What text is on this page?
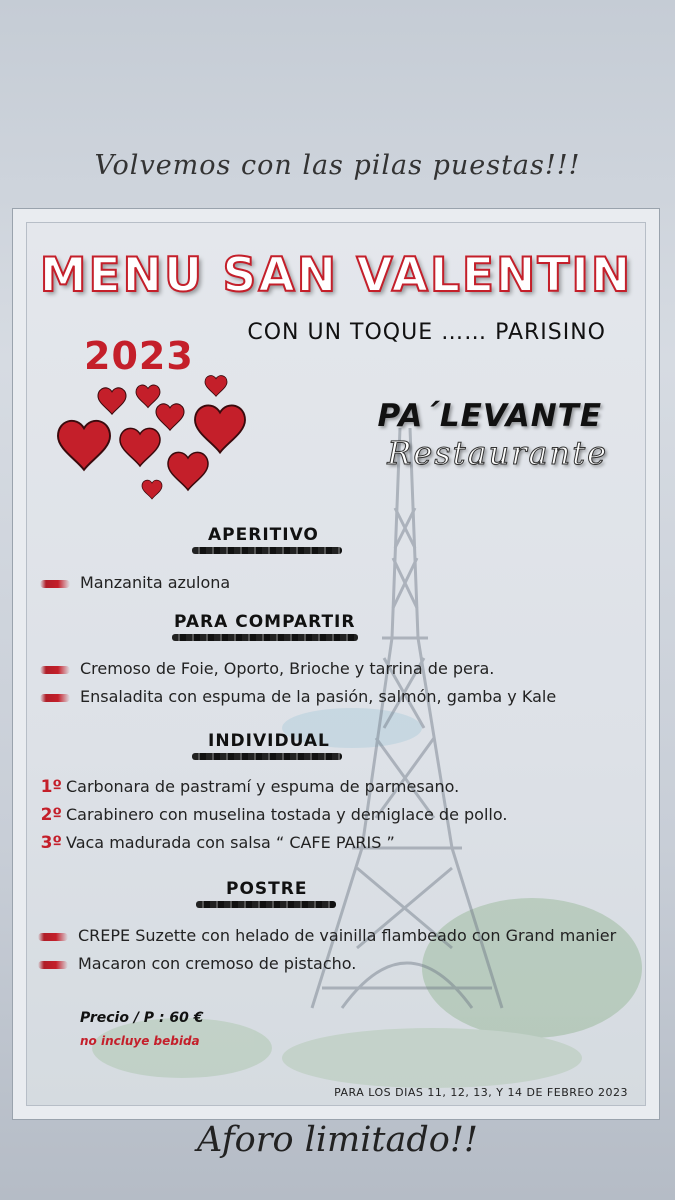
Volvemos con las pilas puestas!!!
MENU SAN VALENTIN
CON UN TOQUE …… PARISINO
2023
PA´LEVANTE
Restaurante
APERITIVO
Manzanita azulona
PARA COMPARTIR
Cremoso de Foie, Oporto, Brioche y tarrina de pera.
Ensaladita con espuma de la pasión, salmón, gamba y Kale
INDIVIDUAL
1º Carbonara de pastramí y espuma de parmesano.
2º Carabinero con muselina tostada y demiglace de pollo.
3º Vaca madurada con salsa “ CAFE PARIS ”
POSTRE
CREPE Suzette con helado de vainilla flambeado con Grand manier
Macaron con cremoso de pistacho.
Precio / P : 60 €
no incluye bebida
PARA LOS DIAS 11, 12, 13, Y 14 DE FEBREO 2023
Aforo limitado!!
